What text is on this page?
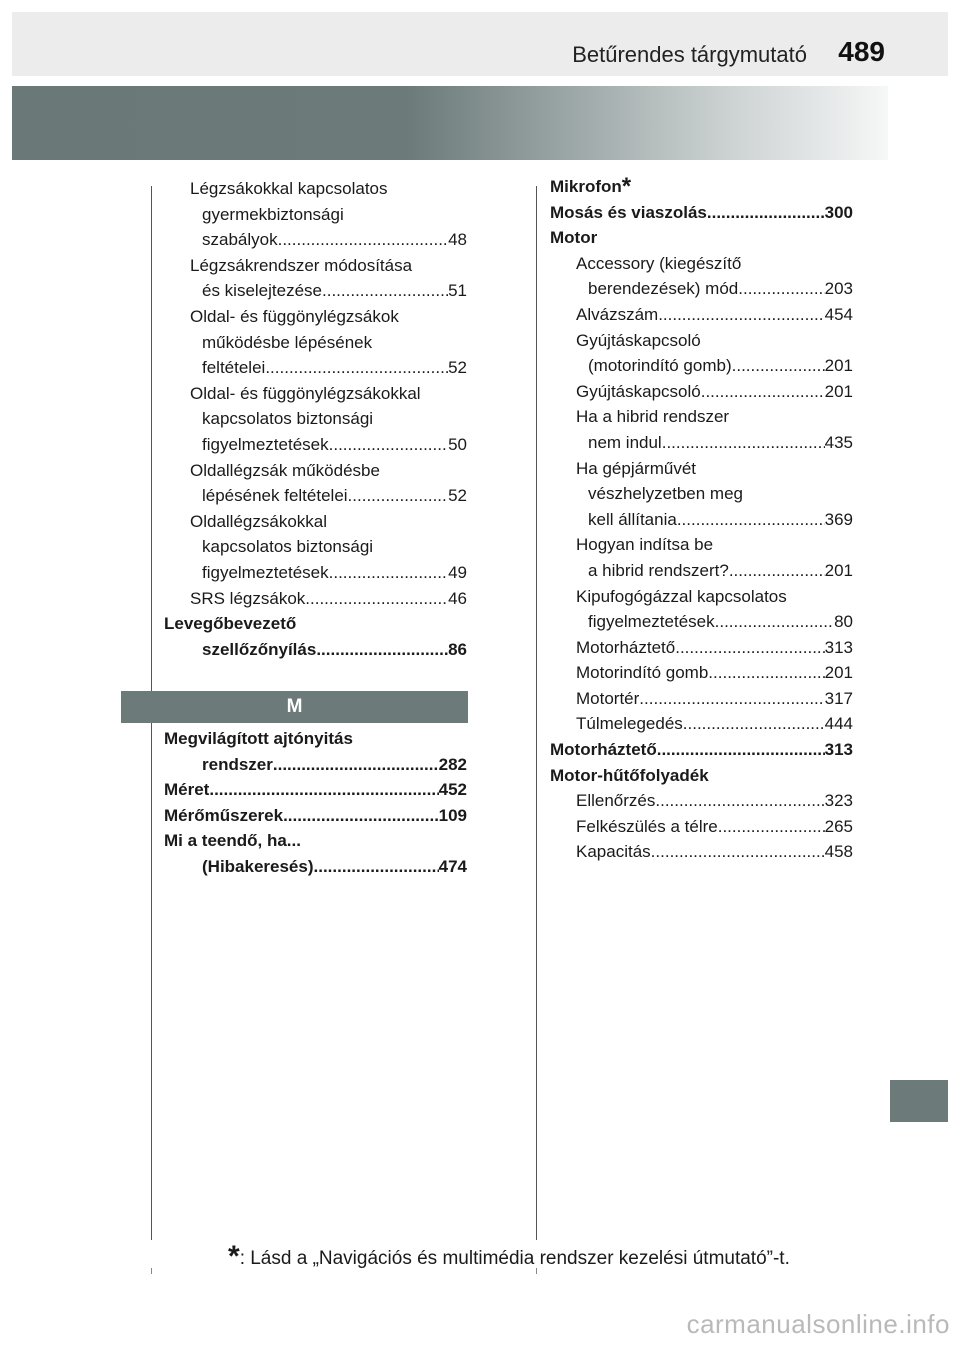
Betűrendes tárgymutató 489
Légzsákokkal kapcsolatos
gyermekbiztonsági
szabályok .....	48
Légzsákrendszer módosítása
és kiselejtezése .....	51
Oldal- és függönylégzsákok
működésbe lépésének
feltételei .....	52
Oldal- és függönylégzsákokkal
kapcsolatos biztonsági
figyelmeztetések .....	50
Oldallégzsák működésbe
lépésének feltételei .....	52
Oldallégzsákokkal
kapcsolatos biztonsági
figyelmeztetések .....	49
SRS légzsákok .....	46
Levegőbevezető
szellőzőnyílás .....	86
M
Megvilágított ajtónyitás
rendszer .....	282
Méret .....	452
Mérőműszerek .....	109
Mi a teendő, ha...
(Hibakeresés) .....	474
Mikrofon *
Mosás és viaszolás .....	300
Motor
Accessory (kiegészítő
berendezések) mód .....	203
Alvázszám .....	454
Gyújtáskapcsoló
(motorindító gomb) .....	201
Gyújtáskapcsoló .....	201
Ha a hibrid rendszer
nem indul .....	435
Ha gépjárművét
vészhelyzetben meg
kell állítania .....	369
Hogyan indítsa be
a hibrid rendszert? .....	201
Kipufogógázzal kapcsolatos
figyelmeztetések .....	80
Motorháztető .....	313
Motorindító gomb .....	201
Motortér .....	317
Túlmelegedés .....	444
Motorháztető .....	313
Motor-hűtőfolyadék
Ellenőrzés .....	323
Felkészülés a télre .....	265
Kapacitás .....	458
*: Lásd a „Navigációs és multimédia rendszer kezelési útmutató”-t.
carmanualsonline.info
